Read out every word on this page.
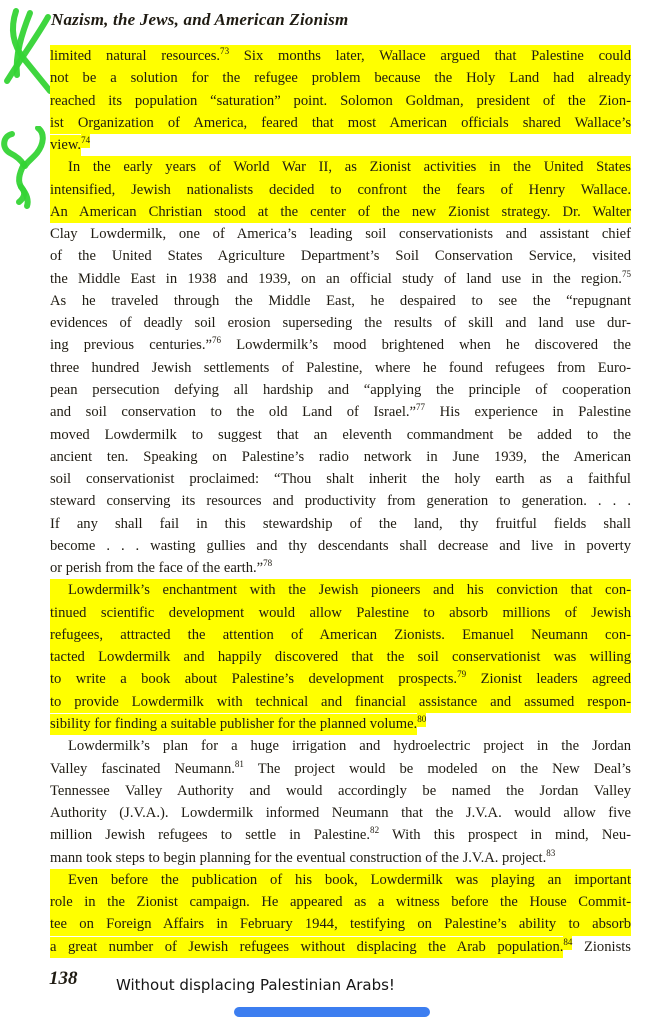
Nazism, the Jews, and American Zionism
limited natural resources.$^{73}$ Six months later, Wallace argued that Palestine could
not be a solution for the refugee problem because the Holy Land had already
reached its population “saturation” point. Solomon Goldman, president of the Zion-
ist Organization of America, feared that most American officials shared Wallace’s
view.$^{74}$
In the early years of World War II, as Zionist activities in the United States
intensified, Jewish nationalists decided to confront the fears of Henry Wallace.
An American Christian stood at the center of the new Zionist strategy. Dr. Walter
Clay Lowdermilk, one of America’s leading soil conservationists and assistant chief
of the United States Agriculture Department’s Soil Conservation Service, visited
the Middle East in 1938 and 1939, on an official study of land use in the region.$^{75}$
As he traveled through the Middle East, he despaired to see the “repugnant
evidences of deadly soil erosion superseding the results of skill and land use dur-
ing previous centuries.”$^{76}$ Lowdermilk’s mood brightened when he discovered the
three hundred Jewish settlements of Palestine, where he found refugees from Euro-
pean persecution defying all hardship and “applying the principle of cooperation
and soil conservation to the old Land of Israel.”$^{77}$ His experience in Palestine
moved Lowdermilk to suggest that an eleventh commandment be added to the
ancient ten. Speaking on Palestine’s radio network in June 1939, the American
soil conservationist proclaimed: “Thou shalt inherit the holy earth as a faithful
steward conserving its resources and productivity from generation to generation. . . .
If any shall fail in this stewardship of the land, thy fruitful fields shall
become . . . wasting gullies and thy descendants shall decrease and live in poverty
or perish from the face of the earth.”$^{78}$
Lowdermilk’s enchantment with the Jewish pioneers and his conviction that con-
tinued scientific development would allow Palestine to absorb millions of Jewish
refugees, attracted the attention of American Zionists. Emanuel Neumann con-
tacted Lowdermilk and happily discovered that the soil conservationist was willing
to write a book about Palestine’s development prospects.$^{79}$ Zionist leaders agreed
to provide Lowdermilk with technical and financial assistance and assumed respon-
sibility for finding a suitable publisher for the planned volume.$^{80}$
Lowdermilk’s plan for a huge irrigation and hydroelectric project in the Jordan
Valley fascinated Neumann.$^{81}$ The project would be modeled on the New Deal’s
Tennessee Valley Authority and would accordingly be named the Jordan Valley
Authority (J.V.A.). Lowdermilk informed Neumann that the J.V.A. would allow five
million Jewish refugees to settle in Palestine.$^{82}$ With this prospect in mind, Neu-
mann took steps to begin planning for the eventual construction of the J.V.A. project.$^{83}$
Even before the publication of his book, Lowdermilk was playing an important
role in the Zionist campaign. He appeared as a witness before the House Commit-
tee on Foreign Affairs in February 1944, testifying on Palestine’s ability to absorb
a great number of Jewish refugees without displacing the Arab population.$^{84}$ Zionists
138	Without displacing Palestinian Arabs!
